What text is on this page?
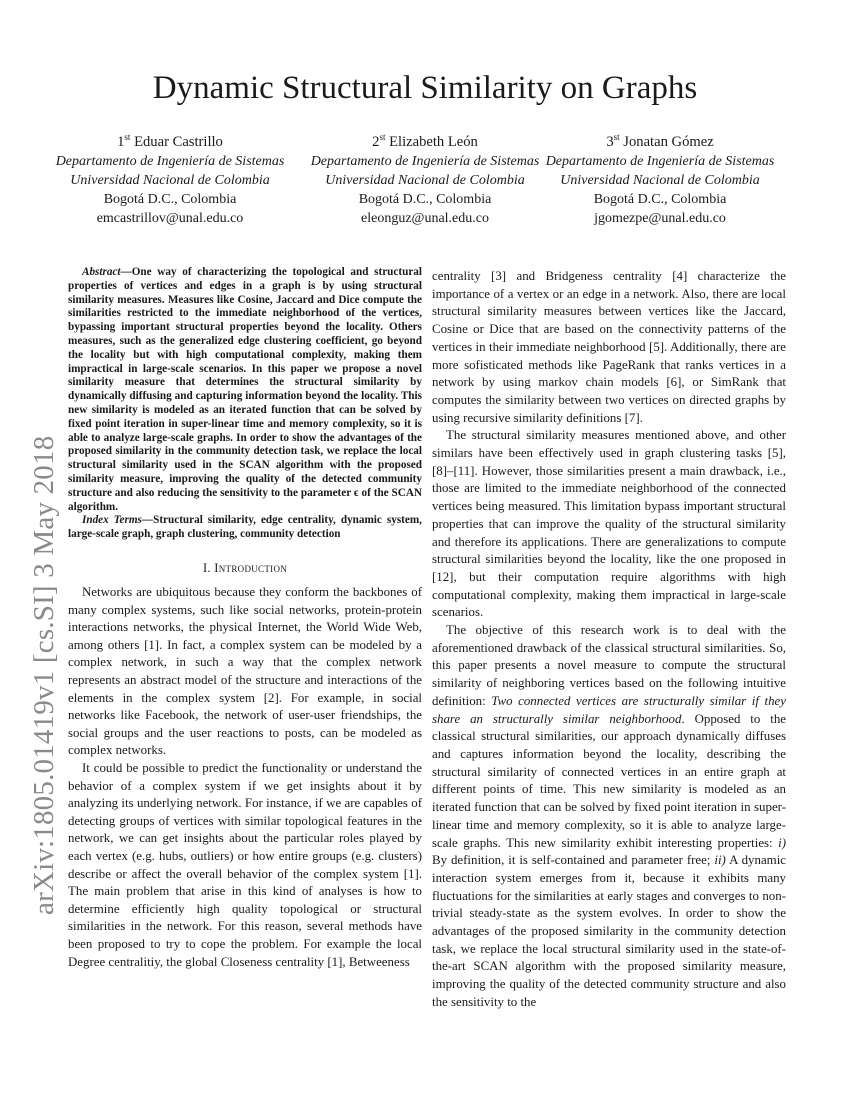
arXiv:1805.01419v1 [cs.SI] 3 May 2018
Dynamic Structural Similarity on Graphs
1st Eduar Castrillo
Departamento de Ingeniería de Sistemas
Universidad Nacional de Colombia
Bogotá D.C., Colombia
emcastrillov@unal.edu.co
2st Elizabeth León
Departamento de Ingeniería de Sistemas
Universidad Nacional de Colombia
Bogotá D.C., Colombia
eleonguz@unal.edu.co
3st Jonatan Gómez
Departamento de Ingeniería de Sistemas
Universidad Nacional de Colombia
Bogotá D.C., Colombia
jgomezpe@unal.edu.co

Abstract—One way of characterizing the topological and structural properties of vertices and edges in a graph is by using structural similarity measures. Measures like Cosine, Jaccard and Dice compute the similarities restricted to the immediate neighborhood of the vertices, bypassing important structural properties beyond the locality. Others measures, such as the generalized edge clustering coefficient, go beyond the locality but with high computational complexity, making them impractical in large-scale scenarios. In this paper we propose a novel similarity measure that determines the structural similarity by dynamically diffusing and capturing information beyond the locality. This new similarity is modeled as an iterated function that can be solved by fixed point iteration in super-linear time and memory complexity, so it is able to analyze large-scale graphs. In order to show the advantages of the proposed similarity in the community detection task, we replace the local structural similarity used in the SCAN algorithm with the proposed similarity measure, improving the quality of the detected community structure and also reducing the sensitivity to the parameter ϵ of the SCAN algorithm.

Index Terms—Structural similarity, edge centrality, dynamic system, large-scale graph, graph clustering, community detection

I. Introduction

Networks are ubiquitous because they conform the backbones of many complex systems, such like social networks, protein-protein interactions networks, the physical Internet, the World Wide Web, among others [1]. In fact, a complex system can be modeled by a complex network, in such a way that the complex network represents an abstract model of the structure and interactions of the elements in the complex system [2]. For example, in social networks like Facebook, the network of user-user friendships, the social groups and the user reactions to posts, can be modeled as complex networks.

It could be possible to predict the functionality or understand the behavior of a complex system if we get insights about it by analyzing its underlying network. For instance, if we are capables of detecting groups of vertices with similar topological features in the network, we can get insights about the particular roles played by each vertex (e.g. hubs, outliers) or how entire groups (e.g. clusters) describe or affect the overall behavior of the complex system [1]. The main problem that arise in this kind of analyses is how to determine efficiently high quality topological or structural similarities in the network. For this reason, several methods have been proposed to try to cope the problem. For example the local Degree centralitiy, the global Closeness centrality [1], Betweeness

centrality [3] and Bridgeness centrality [4] characterize the importance of a vertex or an edge in a network. Also, there are local structural similarity measures between vertices like the Jaccard, Cosine or Dice that are based on the connectivity patterns of the vertices in their immediate neighborhood [5]. Additionally, there are more sofisticated methods like PageRank that ranks vertices in a network by using markov chain models [6], or SimRank that computes the similarity between two vertices on directed graphs by using recursive similarity definitions [7].

The structural similarity measures mentioned above, and other similars have been effectively used in graph clustering tasks [5], [8]–[11]. However, those similarities present a main drawback, i.e., those are limited to the immediate neighborhood of the connected vertices being measured. This limitation bypass important structural properties that can improve the quality of the structural similarity and therefore its applications. There are generalizations to compute structural similarities beyond the locality, like the one proposed in [12], but their computation require algorithms with high computational complexity, making them impractical in large-scale scenarios.

The objective of this research work is to deal with the aforementioned drawback of the classical structural similarities. So, this paper presents a novel measure to compute the structural similarity of neighboring vertices based on the following intuitive definition: Two connected vertices are structurally similar if they share an structurally similar neighborhood. Opposed to the classical structural similarities, our approach dynamically diffuses and captures information beyond the locality, describing the structural similarity of connected vertices in an entire graph at different points of time. This new similarity is modeled as an iterated function that can be solved by fixed point iteration in super-linear time and memory complexity, so it is able to analyze large-scale graphs. This new similarity exhibit interesting properties: i) By definition, it is self-contained and parameter free; ii) A dynamic interaction system emerges from it, because it exhibits many fluctuations for the similarities at early stages and converges to non-trivial steady-state as the system evolves. In order to show the advantages of the proposed similarity in the community detection task, we replace the local structural similarity used in the state-of-the-art SCAN algorithm with the proposed similarity measure, improving the quality of the detected community structure and also the sensitivity to the
